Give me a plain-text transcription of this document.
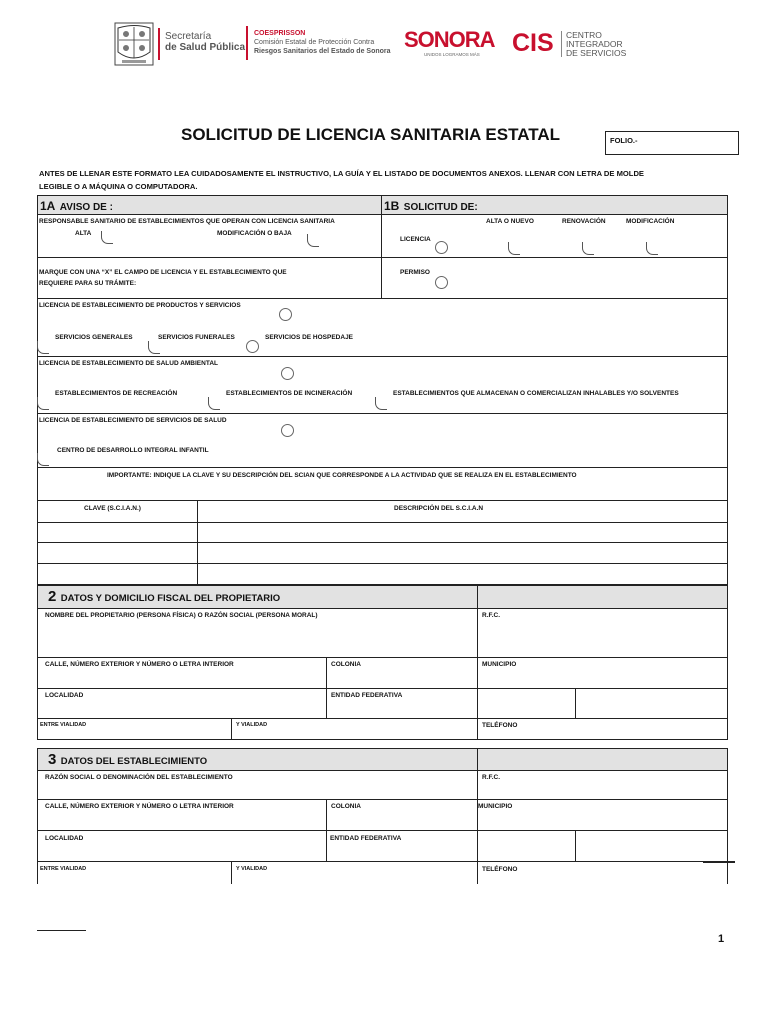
Secretaría
de Salud Pública
COESPRISSON
Comisión Estatal de Protección Contra
Riesgos Sanitarios del Estado de Sonora SONORA
UNIDOS LOGRAMOS MÁS	CIS CENTRO
INTEGRADOR
DE SERVICIOS
SOLICITUD DE LICENCIA SANITARIA ESTATAL	FOLIO.-
ANTES DE LLENAR ESTE FORMATO LEA CUIDADOSAMENTE EL INSTRUCTIVO, LA GUÍA Y EL LISTADO DE DOCUMENTOS ANEXOS. LLENAR CON LETRA DE MOLDE
LEGIBLE O A MÁQUINA O COMPUTADORA.
1A AVISO DE :	1B SOLICITUD DE:
RESPONSABLE SANITARIO DE ESTABLECIMIENTOS QUE OPERAN CON LICENCIA SANITARIA
ALTA	MODIFICACIÓN O BAJA
MARQUE CON UNA “X” EL CAMPO DE LICENCIA Y EL ESTABLECIMIENTO QUE
REQUIERE PARA SU TRÁMITE:
ALTA O NUEVO	RENOVACIÓN	MODIFICACIÓN
LICENCIA
PERMISO
LICENCIA DE ESTABLECIMIENTO DE PRODUCTOS Y SERVICIOS
SERVICIOS GENERALES	SERVICIOS FUNERALES	SERVICIOS DE HOSPEDAJE
LICENCIA DE ESTABLECIMIENTO DE SALUD AMBIENTAL
ESTABLECIMIENTOS DE RECREACIÓN	ESTABLECIMIENTOS DE INCINERACIÓN	ESTABLECIMIENTOS QUE ALMACENAN O COMERCIALIZAN INHALABLES Y/O SOLVENTES
LICENCIA DE ESTABLECIMIENTO DE SERVICIOS DE SALUD
CENTRO DE DESARROLLO INTEGRAL INFANTIL
IMPORTANTE: INDIQUE LA CLAVE Y SU DESCRIPCIÓN DEL SCIAN QUE CORRESPONDE A LA ACTIVIDAD QUE SE REALIZA EN EL ESTABLECIMIENTO
CLAVE (S.C.I.A.N.)	DESCRIPCIÓN DEL S.C.I.A.N
2 DATOS Y DOMICILIO FISCAL DEL PROPIETARIO
NOMBRE DEL PROPIETARIO (PERSONA FÍSICA) O RAZÓN SOCIAL (PERSONA MORAL)	R.F.C.
CALLE, NÚMERO EXTERIOR Y NÚMERO O LETRA INTERIOR	COLONIA	MUNICIPIO
LOCALIDAD	ENTIDAD FEDERATIVA
ENTRE VIALIDAD	Y VIALIDAD	TELÉFONO
3 DATOS DEL ESTABLECIMIENTO
RAZÓN SOCIAL O DENOMINACIÓN DEL ESTABLECIMIENTO	R.F.C.
CALLE, NÚMERO EXTERIOR Y NÚMERO O LETRA INTERIOR	COLONIA	MUNICIPIO
LOCALIDAD	ENTIDAD FEDERATIVA
ENTRE VIALIDAD	Y VIALIDAD	TELÉFONO
1
